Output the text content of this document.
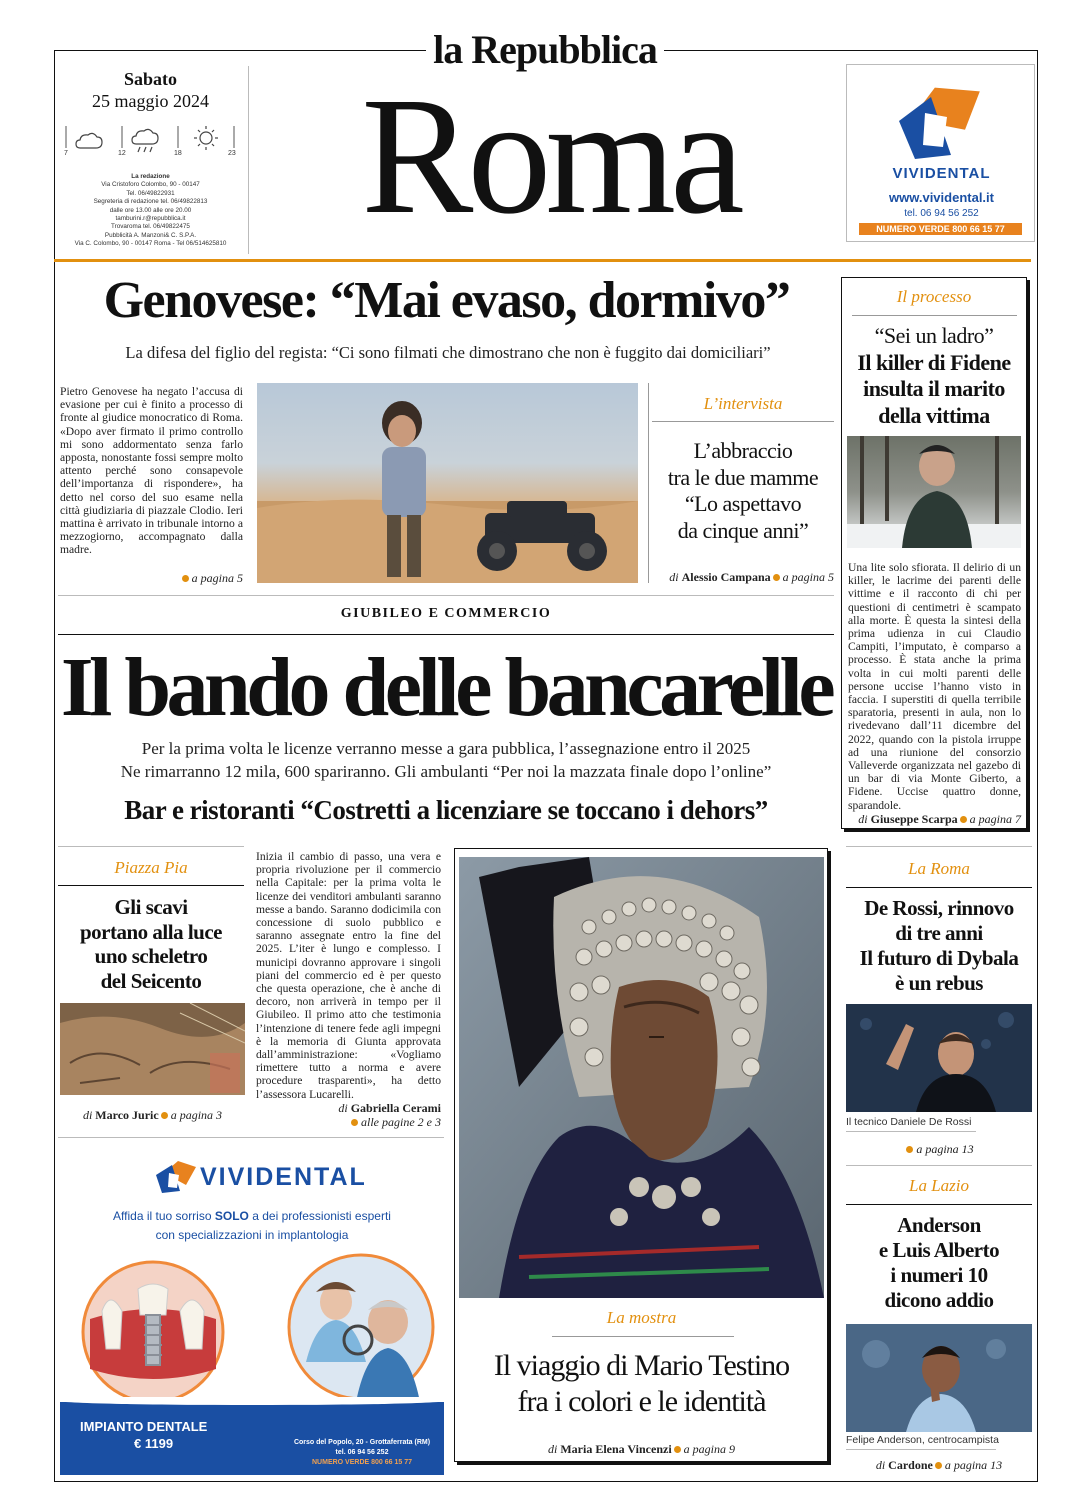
la Repubblica
Sabato
25 maggio 2024
7	12	18	23
La redazione
Via Cristoforo Colombo, 90 - 00147
Tel. 06/49822931
Segreteria di redazione tel. 06/49822813
dalle ore 13.00 alle ore 20.00
tamburini.r@repubblica.it
Trovaroma tel. 06/49822475
Pubblicità A. Manzoni& C. S.P.A.
Via C. Colombo, 90 - 00147 Roma - Tel 06/514625810 Roma	VIVIDENTAL
www.vividental.it
tel. 06 94 56 252
NUMERO VERDE 800 66 15 77
Genovese: “Mai evaso, dormivo”
La difesa del figlio del regista: “Ci sono filmati che dimostrano che non è fuggito dai domiciliari”
Pietro Genovese ha negato l’accusa di evasione per cui è finito a processo di fronte al giudice monocratico di Roma. «Dopo aver firmato il primo controllo mi sono addormentato senza farlo apposta, nonostante fossi sempre molto attento perché sono consapevole dell’importanza di rispondere», ha detto nel corso del suo esame nella città giudiziaria di piazzale Clodio. Ieri mattina è arrivato in tribunale intorno a mezzogiorno, accompagnato dalla madre.
a pagina 5
L’intervista
L’abbraccio
tra le due mamme
“Lo aspettavo
da cinque anni”
di Alessio Campana a pagina 5
Il processo
“Sei un ladro”
Il killer di Fidene
insulta il marito
della vittima
Una lite solo sfiorata. Il delirio di un killer, le lacrime dei parenti delle vittime e il racconto di chi per questioni di centimetri è scampato alla morte. È questa la sintesi della prima udienza in cui Claudio Campiti, l’imputato, è comparso a processo. È stata anche la prima volta in cui molti parenti delle persone uccise l’hanno visto in faccia. I superstiti di quella terribile sparatoria, presenti in aula, non lo rivedevano dall’11 dicembre del 2022, quando con la pistola irruppe ad una riunione del consorzio Valleverde organizzata nel gazebo di un bar di via Monte Giberto, a Fidene. Uccise quattro donne, sparandole.
di Giuseppe Scarpa a pagina 7
GIUBILEO E COMMERCIO
Il bando delle bancarelle
Per la prima volta le licenze verranno messe a gara pubblica, l’assegnazione entro il 2025
Ne rimarranno 12 mila, 600 spariranno. Gli ambulanti “Per noi la mazzata finale dopo l’online”
Bar e ristoranti “Costretti a licenziare se toccano i dehors”
Piazza Pia
Gli scavi
portano alla luce
uno scheletro
del Seicento
di Marco Juric a pagina 3
Inizia il cambio di passo, una vera e propria rivoluzione per il commercio nella Capitale: per la prima volta le licenze dei venditori ambulanti saranno messe a bando. Saranno dodicimila con concessione di suolo pubblico e saranno assegnate entro la fine del 2025. L’iter è lungo e complesso. I municipi dovranno approvare i singoli piani del commercio ed è per questo che questa operazione, che è anche di decoro, non arriverà in tempo per il Giubileo. Il primo atto che testimonia l’intenzione di tenere fede agli impegni è la memoria di Giunta approvata dall’amministrazione: «Vogliamo rimettere tutto a norma e avere procedure trasparenti», ha detto l’assessora Lucarelli.
di Gabriella Cerami
alle pagine 2 e 3
La mostra
Il viaggio di Mario Testino
fra i colori e le identità
di Maria Elena Vincenzi a pagina 9
La Roma
De Rossi, rinnovo
di tre anni
Il futuro di Dybala
è un rebus
Il tecnico Daniele De Rossi
a pagina 13
La Lazio
Anderson
e Luis Alberto
i numeri 10
dicono addio
Felipe Anderson, centrocampista
di Cardone a pagina 13
VIVIDENTAL
Affida il tuo sorriso SOLO a dei professionisti esperti
con specializzazioni in implantologia
IMPIANTO DENTALE
€ 1199	Corso del Popolo, 20 - Grottaferrata (RM)
tel. 06 94 56 252
NUMERO VERDE 800 66 15 77
